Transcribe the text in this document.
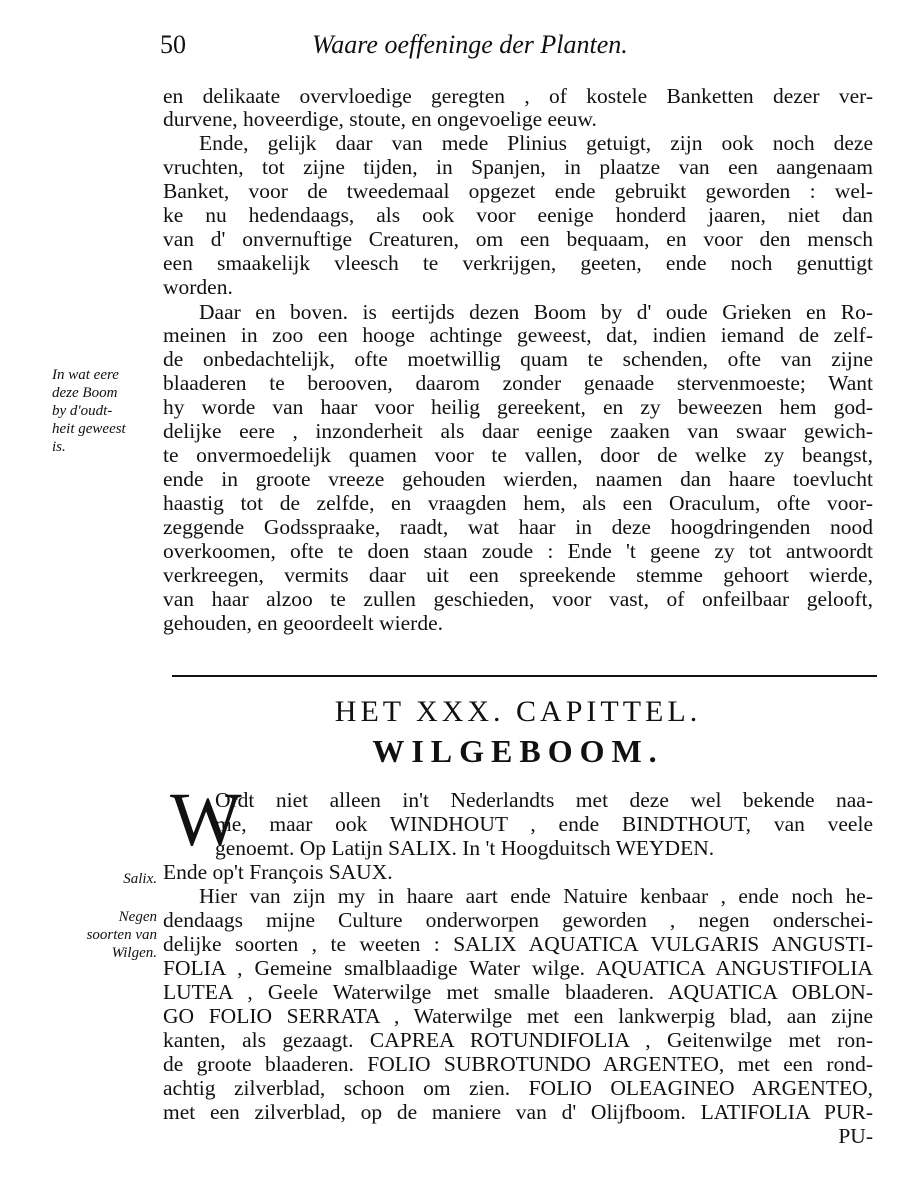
50	Waare oeffeninge der Planten.
en delikaate overvloedige geregten , of kostele Banketten dezer ver-
durvene, hoveerdige, stoute, en ongevoelige eeuw.
Ende, gelijk daar van mede Plinius getuigt, zijn ook noch deze
vruchten, tot zijne tijden, in Spanjen, in plaatze van een aangenaam
Banket, voor de tweedemaal opgezet ende gebruikt geworden : wel-
ke nu hedendaags, als ook voor eenige honderd jaaren, niet dan
van d' onvernuftige Creaturen, om een bequaam, en voor den mensch
een smaakelijk vleesch te verkrijgen, geeten, ende noch genuttigt
worden.
Daar en boven. is eertijds dezen Boom by d' oude Grieken en Ro-
meinen in zoo een hooge achtinge geweest, dat, indien iemand de zelf-
de onbedachtelijk, ofte moetwillig quam te schenden, ofte van zijne
blaaderen te berooven, daarom zonder genaade stervenmoeste; Want
hy worde van haar voor heilig gereekent, en zy beweezen hem god-
delijke eere , inzonderheit als daar eenige zaaken van swaar gewich-
te onvermoedelijk quamen voor te vallen, door de welke zy beangst,
ende in groote vreeze gehouden wierden, naamen dan haare toevlucht
haastig tot de zelfde, en vraagden hem, als een Oraculum, ofte voor-
zeggende Godsspraake, raadt, wat haar in deze hoogdringenden nood
overkoomen, ofte te doen staan zoude : Ende 't geene zy tot antwoordt
verkreegen, vermits daar uit een spreekende stemme gehoort wierde,
van haar alzoo te zullen geschieden, voor vast, of onfeilbaar gelooft,
gehouden, en geoordeelt wierde.
In wat eere
deze Boom
by d'oudt-
heit geweest
is.
Salix.
Negen
soorten van
Wilgen.
HET XXX. CAPITTEL.
WILGEBOOM.
W
Ordt niet alleen in't Nederlandts met deze wel bekende naa-
me, maar ook WINDHOUT , ende BINDTHOUT, van veele
genoemt. Op Latijn SALIX. In 't Hoogduitsch WEYDEN.
Ende op't François SAUX.
Hier van zijn my in haare aart ende Natuire kenbaar , ende noch he-
dendaags mijne Culture onderworpen geworden , negen onderschei-
delijke soorten , te weeten : SALIX AQUATICA VULGARIS ANGUSTI-
FOLIA , Gemeine smalblaadige Water wilge. AQUATICA ANGUSTIFOLIA
LUTEA , Geele Waterwilge met smalle blaaderen. AQUATICA OBLON-
GO FOLIO SERRATA , Waterwilge met een lankwerpig blad, aan zijne
kanten, als gezaagt. CAPREA ROTUNDIFOLIA , Geitenwilge met ron-
de groote blaaderen. FOLIO SUBROTUNDO ARGENTEO, met een rond-
achtig zilverblad, schoon om zien. FOLIO OLEAGINEO ARGENTEO,
met een zilverblad, op de maniere van d' Olijfboom. LATIFOLIA PUR-
PU-
